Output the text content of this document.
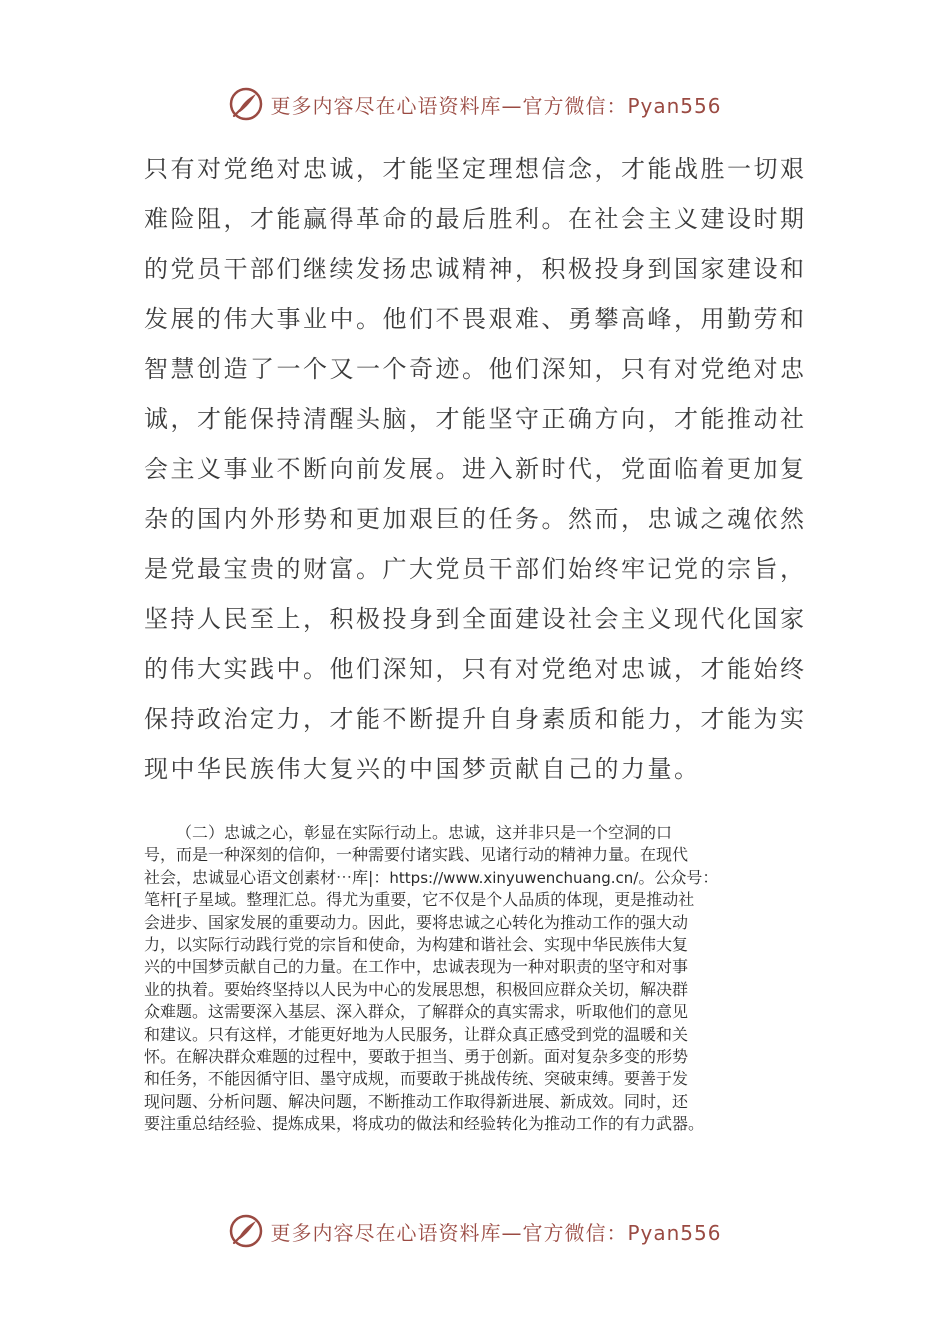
更多内容尽在心语资料库—官方微信：Pyan556
只有对党绝对忠诚，才能坚定理想信念，才能战胜一切艰
难险阻，才能赢得革命的最后胜利。在社会主义建设时期
的党员干部们继续发扬忠诚精神，积极投身到国家建设和
发展的伟大事业中。他们不畏艰难、勇攀高峰，用勤劳和
智慧创造了一个又一个奇迹。他们深知，只有对党绝对忠
诚，才能保持清醒头脑，才能坚守正确方向，才能推动社
会主义事业不断向前发展。进入新时代，党面临着更加复
杂的国内外形势和更加艰巨的任务。然而，忠诚之魂依然
是党最宝贵的财富。广大党员干部们始终牢记党的宗旨，
坚持人民至上，积极投身到全面建设社会主义现代化国家
的伟大实践中。他们深知，只有对党绝对忠诚，才能始终
保持政治定力，才能不断提升自身素质和能力，才能为实
现中华民族伟大复兴的中国梦贡献自己的力量。
（二）忠诚之心，彰显在实际行动上。忠诚，这并非只是一个空洞的口
号，而是一种深刻的信仰，一种需要付诸实践、见诸行动的精神力量。在现代
社会，忠诚显心语文创素材⋯库|：https://www.xinyuwenchuang.cn/。公众号：
笔杆[子星域。整理汇总。得尤为重要，它不仅是个人品质的体现，更是推动社
会进步、国家发展的重要动力。因此，要将忠诚之心转化为推动工作的强大动
力，以实际行动践行党的宗旨和使命，为构建和谐社会、实现中华民族伟大复
兴的中国梦贡献自己的力量。在工作中，忠诚表现为一种对职责的坚守和对事
业的执着。要始终坚持以人民为中心的发展思想，积极回应群众关切，解决群
众难题。这需要深入基层、深入群众，了解群众的真实需求，听取他们的意见
和建议。只有这样，才能更好地为人民服务，让群众真正感受到党的温暖和关
怀。在解决群众难题的过程中，要敢于担当、勇于创新。面对复杂多变的形势
和任务，不能因循守旧、墨守成规，而要敢于挑战传统、突破束缚。要善于发
现问题、分析问题、解决问题，不断推动工作取得新进展、新成效。同时，还
要注重总结经验、提炼成果，将成功的做法和经验转化为推动工作的有力武器。
更多内容尽在心语资料库—官方微信：Pyan556
